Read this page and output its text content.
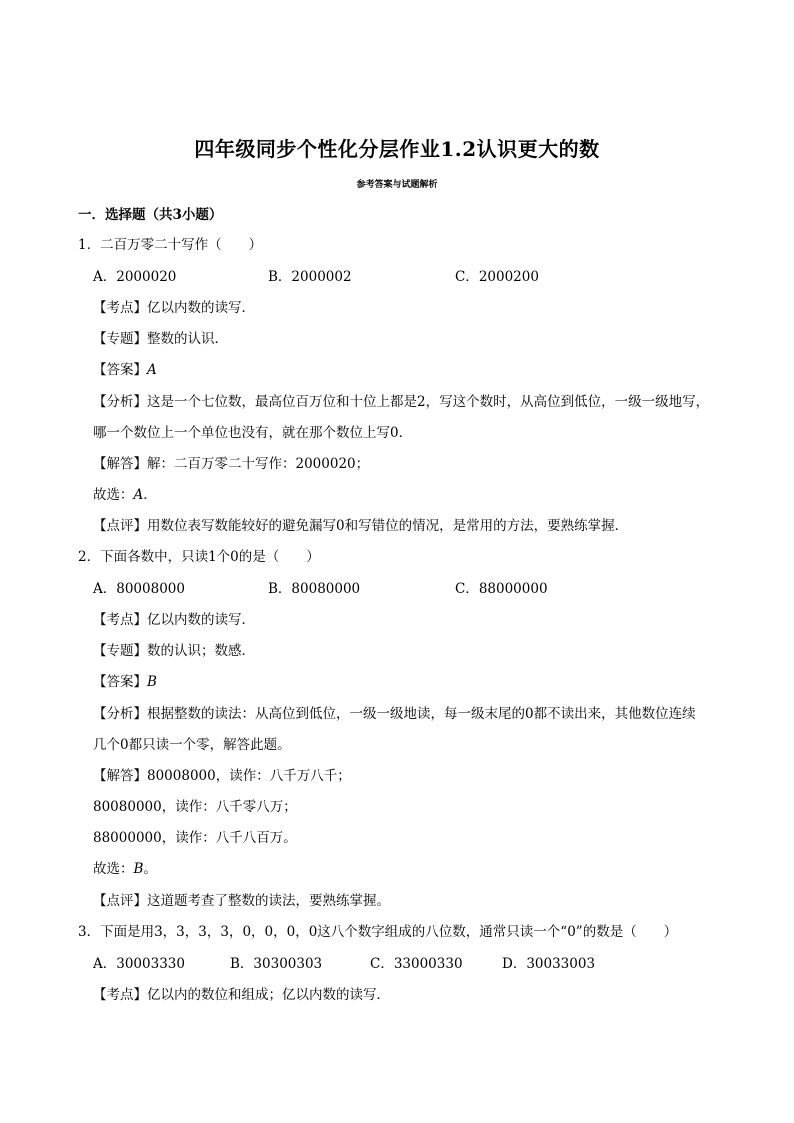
四年级同步个性化分层作业1.2认识更大的数
参考答案与试题解析
一．选择题（共3小题）
1．二百万零二十写作（　　）
A．2000020	B．2000002	C．2000200
【考点】亿以内数的读写．
【专题】整数的认识．
【答案】A
【分析】这是一个七位数，最高位百万位和十位上都是2，写这个数时，从高位到低位，一级一级地写，
哪一个数位上一个单位也没有，就在那个数位上写0．
【解答】解：二百万零二十写作：2000020；
故选：A．
【点评】用数位表写数能较好的避免漏写0和写错位的情况，是常用的方法，要熟练掌握．
2．下面各数中，只读1个0的是（　　）
A．80008000	B．80080000	C．88000000
【考点】亿以内数的读写．
【专题】数的认识；数感．
【答案】B
【分析】根据整数的读法：从高位到低位，一级一级地读，每一级末尾的0都不读出来，其他数位连续
几个0都只读一个零，解答此题。
【解答】80008000，读作：八千万八千；
80080000，读作：八千零八万；
88000000，读作：八千八百万。
故选：B。
【点评】这道题考查了整数的读法，要熟练掌握。
3．下面是用3，3，3，3，0，0，0，0这八个数字组成的八位数，通常只读一个“0”的数是（　　）
A．30003330	B．30300303	C．33000330	D．30033003
【考点】亿以内的数位和组成；亿以内数的读写．
